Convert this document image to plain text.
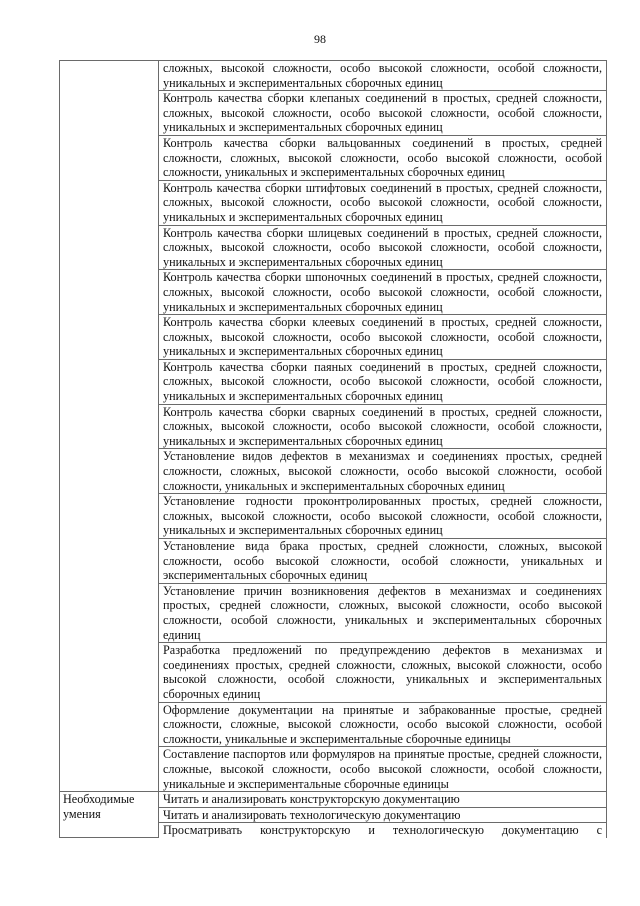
98
	сложных, высокой сложности, особо высокой сложности, особой сложности, уникальных и экспериментальных сборочных единиц
	Контроль качества сборки клепаных соединений в простых, средней сложности, сложных, высокой сложности, особо высокой сложности, особой сложности, уникальных и экспериментальных сборочных единиц
	Контроль качества сборки вальцованных соединений в простых, средней сложности, сложных, высокой сложности, особо высокой сложности, особой сложности, уникальных и экспериментальных сборочных единиц
	Контроль качества сборки штифтовых соединений в простых, средней сложности, сложных, высокой сложности, особо высокой сложности, особой сложности, уникальных и экспериментальных сборочных единиц
	Контроль качества сборки шлицевых соединений в простых, средней сложности, сложных, высокой сложности, особо высокой сложности, особой сложности, уникальных и экспериментальных сборочных единиц
	Контроль качества сборки шпоночных соединений в простых, средней сложности, сложных, высокой сложности, особо высокой сложности, особой сложности, уникальных и экспериментальных сборочных единиц
	Контроль качества сборки клеевых соединений в простых, средней сложности, сложных, высокой сложности, особо высокой сложности, особой сложности, уникальных и экспериментальных сборочных единиц
	Контроль качества сборки паяных соединений в простых, средней сложности, сложных, высокой сложности, особо высокой сложности, особой сложности, уникальных и экспериментальных сборочных единиц
	Контроль качества сборки сварных соединений в простых, средней сложности, сложных, высокой сложности, особо высокой сложности, особой сложности, уникальных и экспериментальных сборочных единиц
	Установление видов дефектов в механизмах и соединениях простых, средней сложности, сложных, высокой сложности, особо высокой сложности, особой сложности, уникальных и экспериментальных сборочных единиц
	Установление годности проконтролированных простых, средней сложности, сложных, высокой сложности, особо высокой сложности, особой сложности, уникальных и экспериментальных сборочных единиц
	Установление вида брака простых, средней сложности, сложных, высокой сложности, особо высокой сложности, особой сложности, уникальных и экспериментальных сборочных единиц
	Установление причин возникновения дефектов в механизмах и соединениях простых, средней сложности, сложных, высокой сложности, особо высокой сложности, особой сложности, уникальных и экспериментальных сборочных единиц
	Разработка предложений по предупреждению дефектов в механизмах и соединениях простых, средней сложности, сложных, высокой сложности, особо высокой сложности, особой сложности, уникальных и экспериментальных сборочных единиц
	Оформление документации на принятые и забракованные простые, средней сложности, сложные, высокой сложности, особо высокой сложности, особой сложности, уникальные и экспериментальные сборочные единицы
	Составление паспортов или формуляров на принятые простые, средней сложности, сложные, высокой сложности, особо высокой сложности, особой сложности, уникальные и экспериментальные сборочные единицы
Необходимые умения	Читать и анализировать конструкторскую документацию
	Читать и анализировать технологическую документацию
	Просматривать конструкторскую и технологическую документацию с
